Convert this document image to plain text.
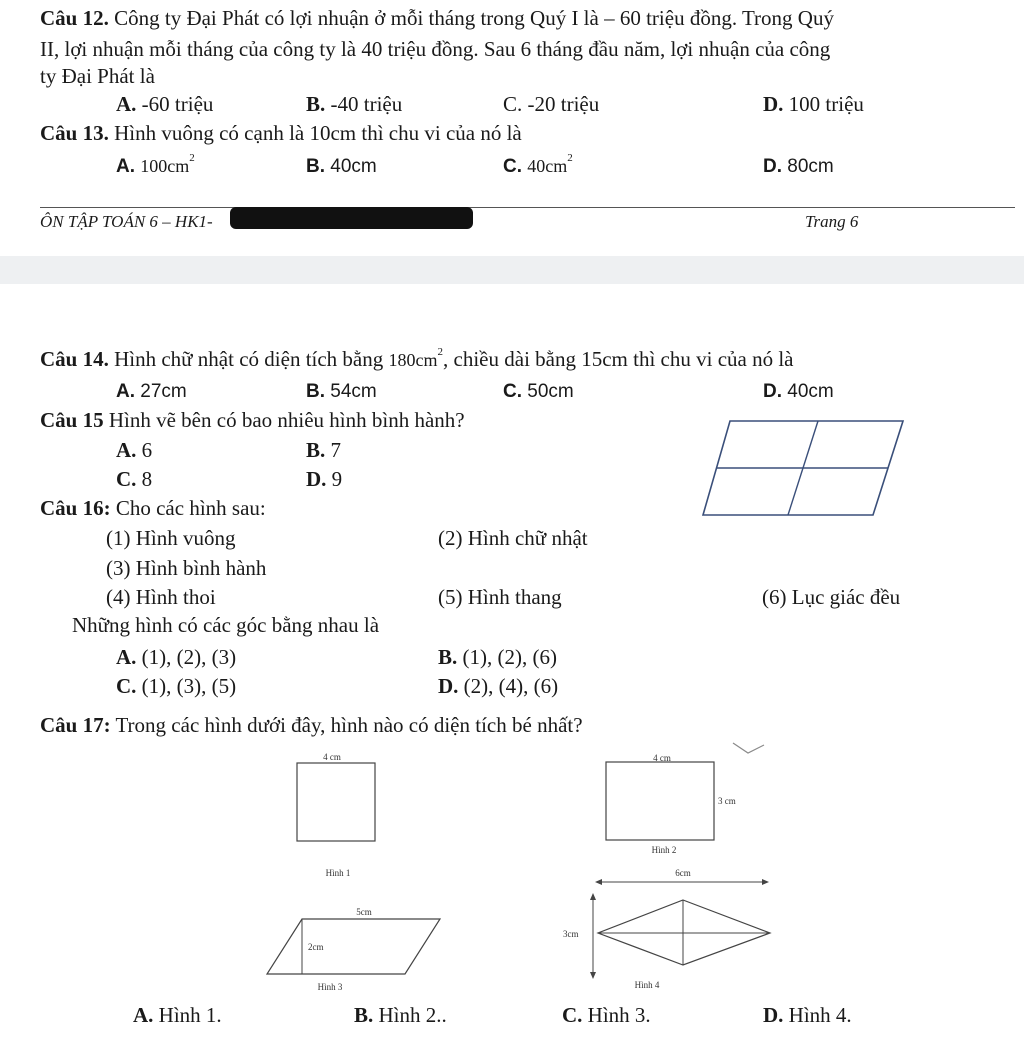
Câu 12. Công ty Đại Phát có lợi nhuận ở mỗi tháng trong Quý I là – 60 triệu đồng. Trong Quý
II, lợi nhuận mỗi tháng của công ty là 40 triệu đồng. Sau 6 tháng đầu năm, lợi nhuận của công
ty Đại Phát là
A. -60 triệu	B. -40 triệu	C. -20 triệu	D. 100 triệu
Câu 13. Hình vuông có cạnh là 10cm thì chu vi của nó là
A. $100cm^2$	B. 40cm	C. $40cm^2$	D. 80cm
ÔN TẬP TOÁN 6 – HK1-	Trang 6
Câu 14. Hình chữ nhật có diện tích bằng $180cm^2$, chiều dài bằng 15cm thì chu vi của nó là
A. 27cm	B. 54cm	C. 50cm	D. 40cm
Câu 15 Hình vẽ bên có bao nhiêu hình bình hành?
A. 6	B. 7
C. 8	D. 9
Câu 16: Cho các hình sau:
(1) Hình vuông	(2) Hình chữ nhật
(3) Hình bình hành
(4) Hình thoi	(5) Hình thang	(6) Lục giác đều
Những hình có các góc bằng nhau là
A. (1), (2), (3)	B. (1), (2), (6)
C. (1), (3), (5)	D. (2), (4), (6)
Câu 17: Trong các hình dưới đây, hình nào có diện tích bé nhất?
4 cm
Hình 1
4 cm
3 cm
Hình 2
5cm
2cm
Hình 3
6cm
3cm
Hình 4
A. Hình 1.	B. Hình 2..	C. Hình 3.	D. Hình 4.
